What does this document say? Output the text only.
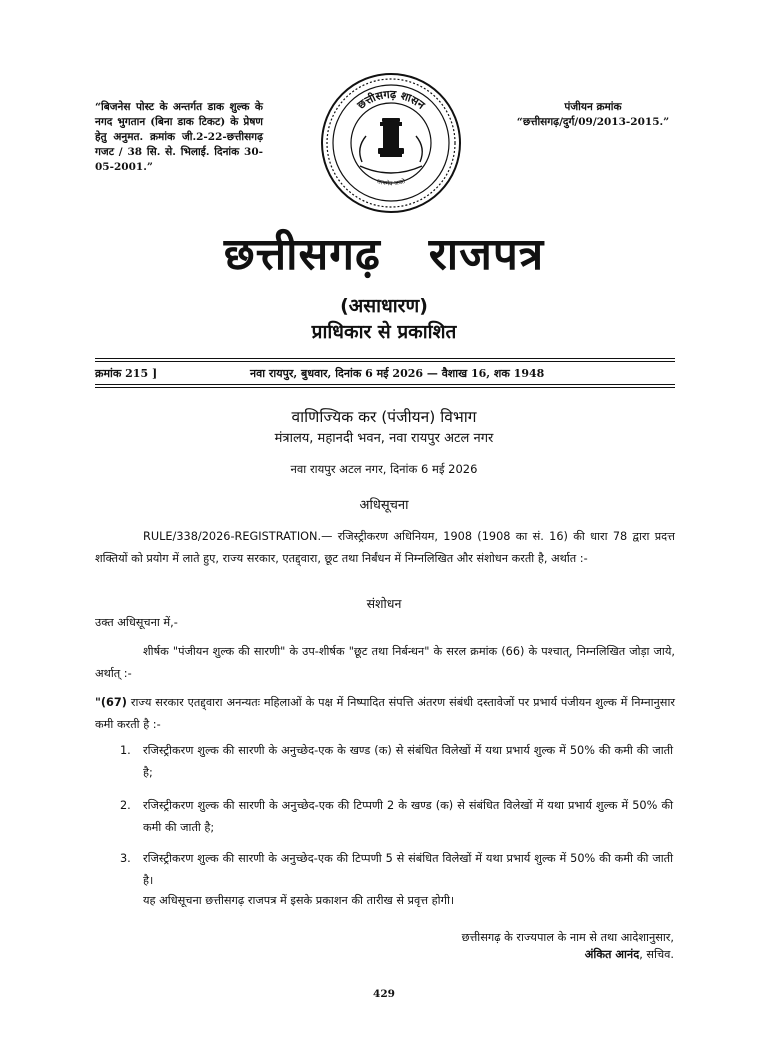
“बिजनेस पोस्ट के अन्तर्गत डाक शुल्क के नगद भुगतान (बिना डाक टिकट) के प्रेषण हेतु अनुमत. क्रमांक जी.2-22-छत्तीसगढ़ गजट / 38 सि. से. भिलाई. दिनांक 30-05-2001.”
छत्तीसगढ़ शासन
सत्यमेव जयते
पंजीयन क्रमांक
“छत्तीसगढ़/दुर्ग/09/2013-2015.”
छत्तीसगढ़ राजपत्र
(असाधारण)
प्राधिकार से प्रकाशित
क्रमांक 215 ]	नवा रायपुर, बुधवार, दिनांक 6 मई 2026 — वैशाख 16, शक 1948
वाणिज्यिक कर (पंजीयन) विभाग
मंत्रालय, महानदी भवन, नवा रायपुर अटल नगर
नवा रायपुर अटल नगर, दिनांक 6 मई 2026
अधिसूचना
RULE/338/2026-REGISTRATION.— रजिस्ट्रीकरण अधिनियम, 1908 (1908 का सं. 16) की धारा 78 द्वारा प्रदत्त शक्तियों को प्रयोग में लाते हुए, राज्य सरकार, एतद्द्वारा, छूट तथा निर्बंधन में निम्नलिखित और संशोधन करती है, अर्थात :-
संशोधन
उक्त अधिसूचना में,-
शीर्षक "पंजीयन शुल्क की सारणी" के उप-शीर्षक "छूट तथा निर्बन्धन" के सरल क्रमांक (66) के पश्चात्, निम्नलिखित जोड़ा जाये, अर्थात् :-
"(67) राज्य सरकार एतद्द्वारा अनन्यतः महिलाओं के पक्ष में निष्पादित संपत्ति अंतरण संबंधी दस्तावेजों पर प्रभार्य पंजीयन शुल्क में निम्नानुसार कमी करती है :-
1. रजिस्ट्रीकरण शुल्क की सारणी के अनुच्छेद-एक के खण्ड (क) से संबंधित विलेखों में यथा प्रभार्य शुल्क में 50% की कमी की जाती है;
2. रजिस्ट्रीकरण शुल्क की सारणी के अनुच्छेद-एक की टिप्पणी 2 के खण्ड (क) से संबंधित विलेखों में यथा प्रभार्य शुल्क में 50% की कमी की जाती है;
3. रजिस्ट्रीकरण शुल्क की सारणी के अनुच्छेद-एक की टिप्पणी 5 से संबंधित विलेखों में यथा प्रभार्य शुल्क में 50% की कमी की जाती है।
यह अधिसूचना छत्तीसगढ़ राजपत्र में इसके प्रकाशन की तारीख से प्रवृत्त होगी।
छत्तीसगढ़ के राज्यपाल के नाम से तथा आदेशानुसार,
अंकित आनंद, सचिव.
429
